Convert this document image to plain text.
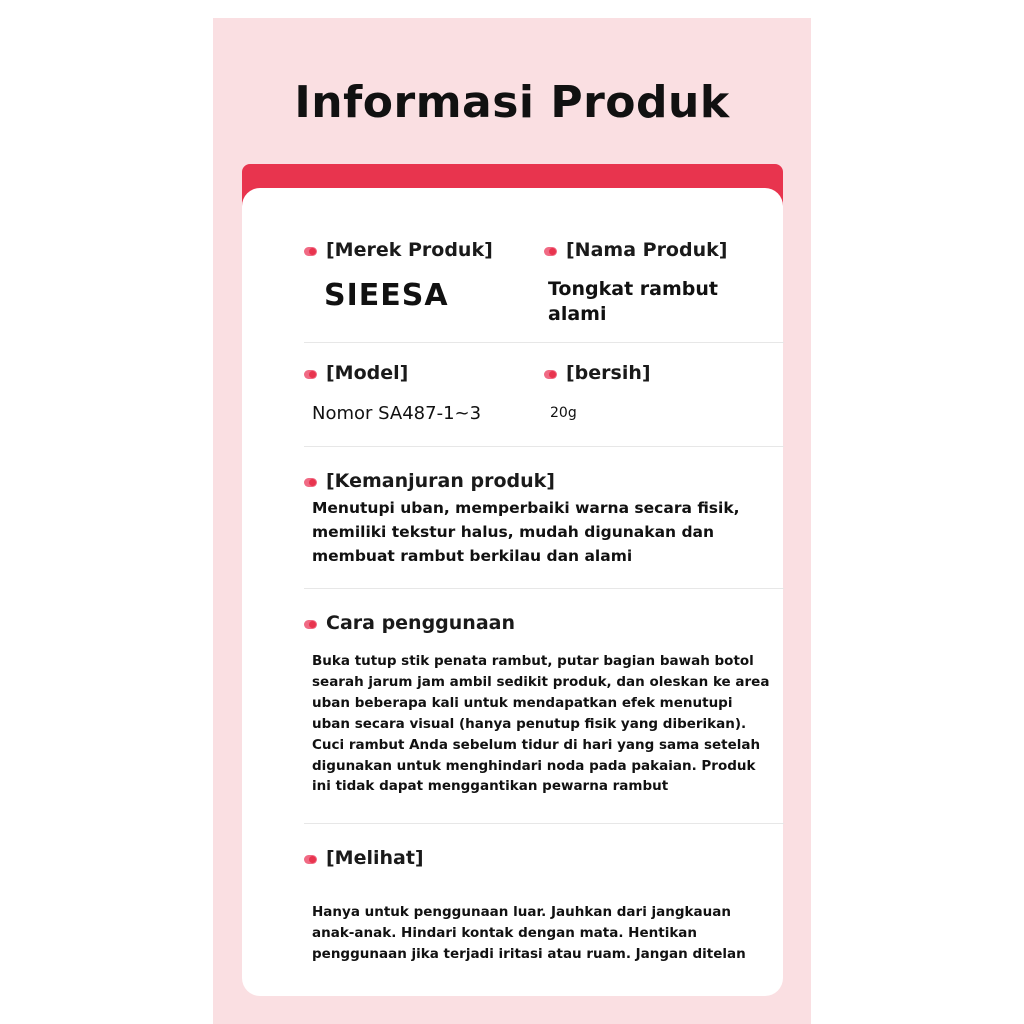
Informasi Produk
[Merek Produk]
SIEESA
[Nama Produk]
Tongkat rambut alami
[Model]
Nomor SA487-1~3
[bersih]
20g
[Kemanjuran produk]
Menutupi uban, memperbaiki warna secara fisik, memiliki tekstur halus, mudah digunakan dan membuat rambut berkilau dan alami
Cara penggunaan
Buka tutup stik penata rambut, putar bagian bawah botol searah jarum jam ambil sedikit produk, dan oleskan ke area uban beberapa kali untuk mendapatkan efek menutupi uban secara visual (hanya penutup fisik yang diberikan). Cuci rambut Anda sebelum tidur di hari yang sama setelah digunakan untuk menghindari noda pada pakaian. Produk ini tidak dapat menggantikan pewarna rambut
[Melihat]
Hanya untuk penggunaan luar. Jauhkan dari jangkauan anak-anak. Hindari kontak dengan mata. Hentikan penggunaan jika terjadi iritasi atau ruam. Jangan ditelan
